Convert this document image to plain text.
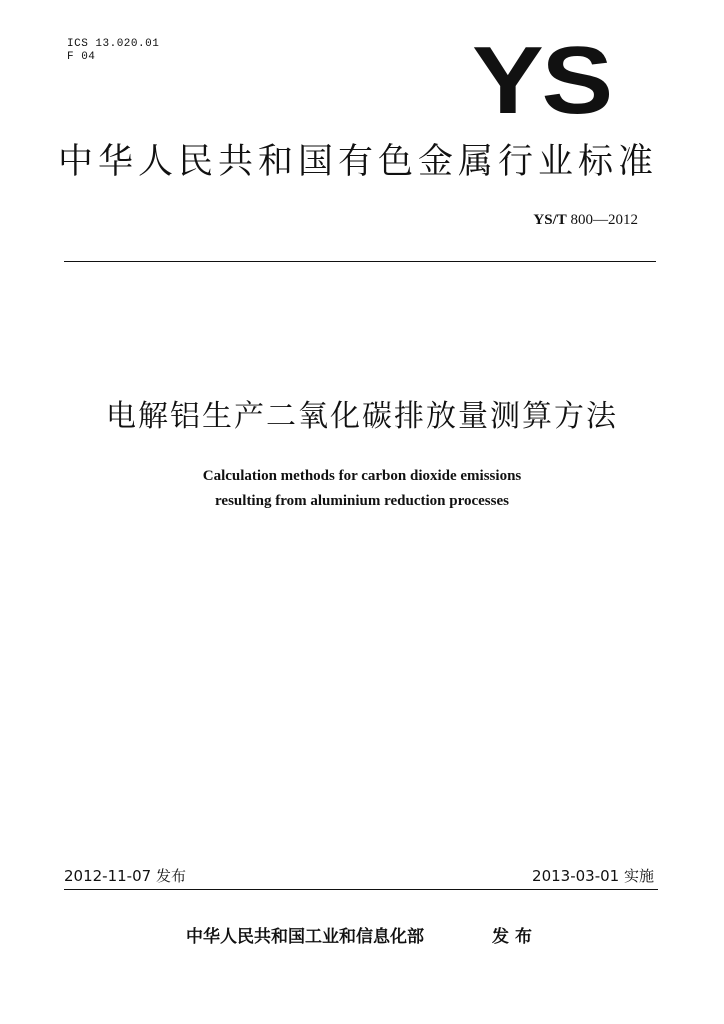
ICS 13.020.01
F 04	YS
中华人民共和国有色金属行业标准
YS/T 800—2012
电解铝生产二氧化碳排放量测算方法
Calculation methods for carbon dioxide emissions
resulting from aluminium reduction processes
2012-11-07 发布	2013-03-01 实施
中华人民共和国工业和信息化部	发布
